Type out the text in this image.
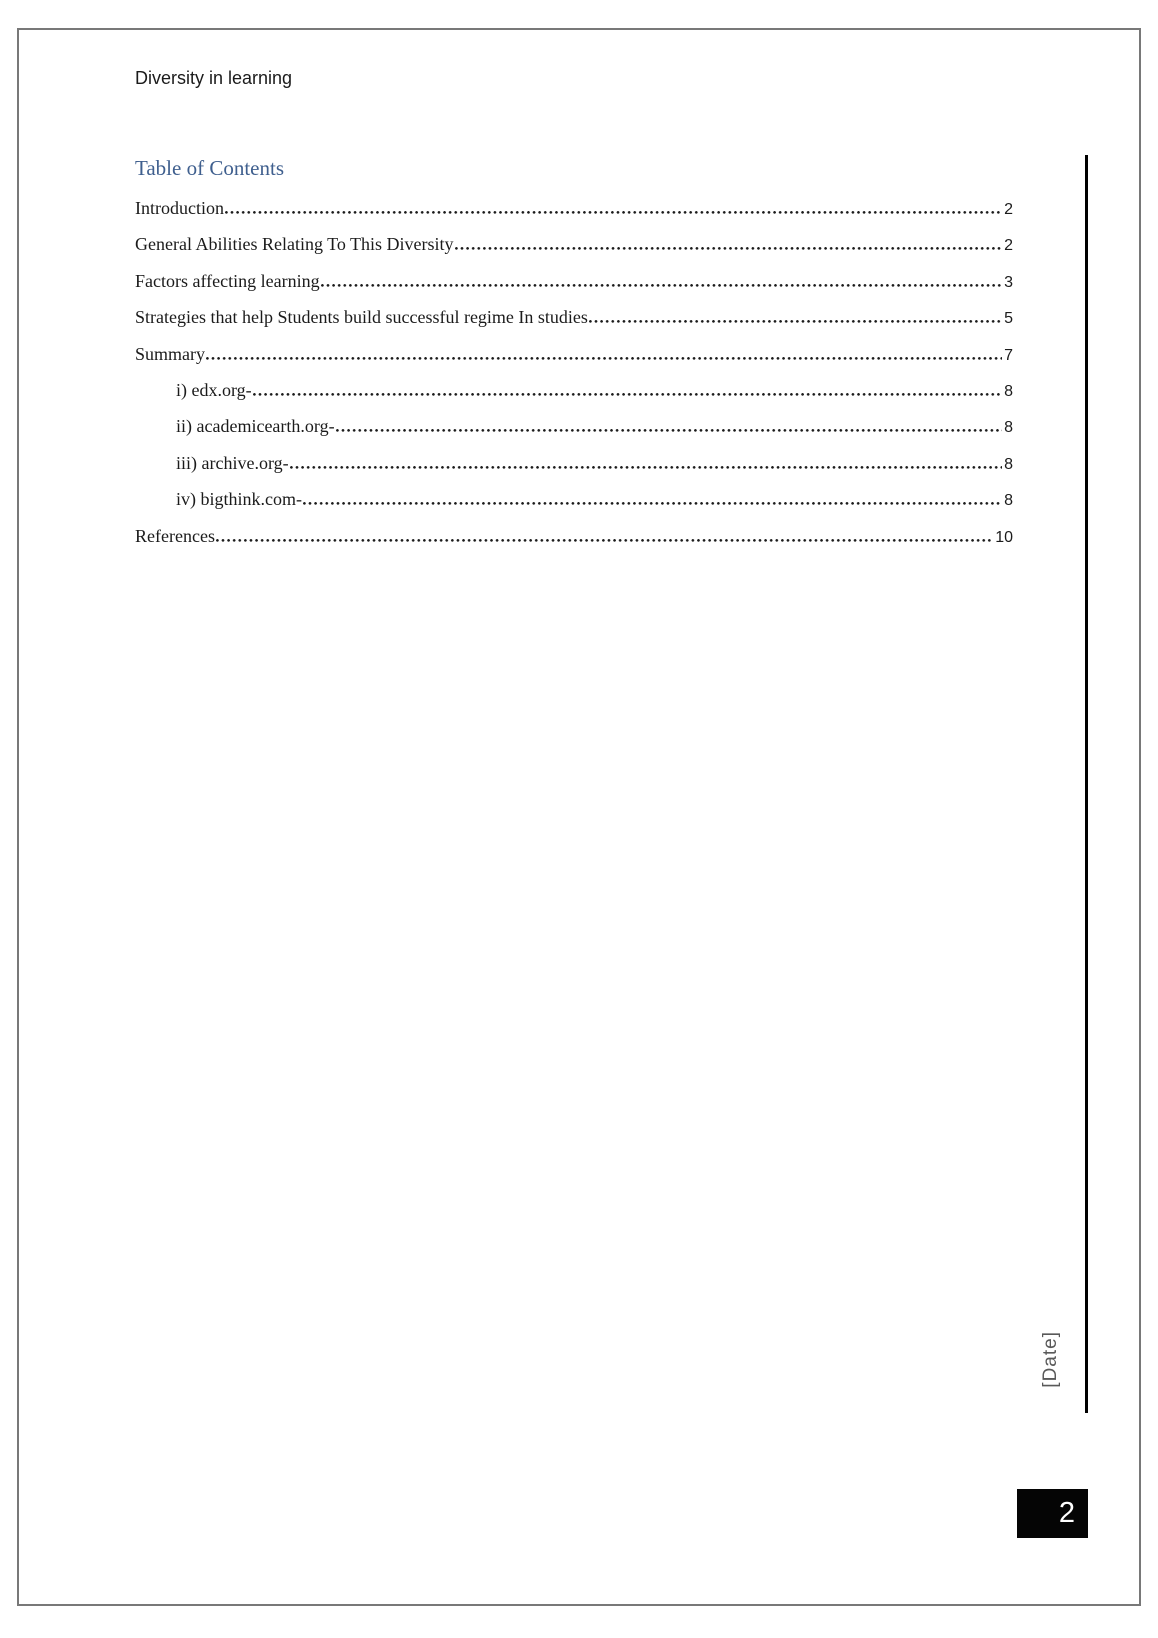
Diversity in learning
Table of Contents
Introduction	2
General Abilities Relating To This Diversity	2
Factors affecting learning	3
Strategies that help Students build successful regime In studies	5
Summary	7
i) edx.org-	8
ii) academicearth.org-	8
iii) archive.org-	8
iv) bigthink.com-	8
References	10
[Date]
2
